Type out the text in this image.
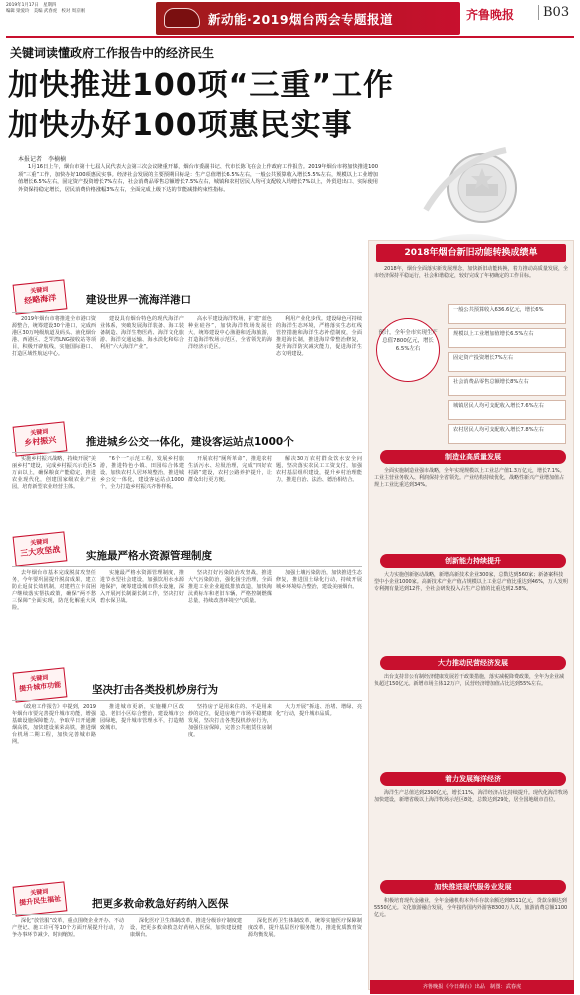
2019年1月17日　星期四
编辑 梁爱玲　美编 武春虎　校对 周京刚
新动能·2019烟台两会专题报道	齐鲁晚报	B03
关键词读懂政府工作报告中的经济民生
加快推进100项“三重”工作
加快办好100项惠民实事
本报记者　李楠楠
1月16日上午，烟台市第十七届人民代表大会第三次会议隆重开幕，烟台市委副书记、代市长陈飞在会上作政府工作报告。2019年烟台市将加快推进100项“三重”工作，加快办好100项惠民实事。经济社会发展的主要预期目标是：生产总值增长6.5%左右，一般公共预算收入增长5.5%左右，规模以上工业增加值增长6.5%左右，固定资产投资增长7%左右，社会消费品零售总额增长7.5%左右，城镇和农村居民人均可支配收入均增长7%以上，外贸进出口、实际使用外资保持稳定增长，居民消费价格涨幅3%左右，全面完成上级下达的节能减排约束性指标。
关键词
经略海洋	建设世界一流海洋港口

2019年烟台市将推进全市港口资源整合，统筹建设30个港口，完成西港区30万吨级航道及码头、液化烟台港、西港区、芝罘湾LNG接收站等项目，积极开辟航线，实施国际港口、打造区域性航运中心。

建设具有烟台特色的现代海洋产业体系，突破发展海洋装备、海工装备制造、海洋生物医药、海洋文化旅游、海洋交通运输、海水淡化和综合利用“六大海洋产业”。

高水平建设海洋牧场，扩建“蓝色种业硅谷”，加快海洋牧场发展壮大，统筹建设中心渔港和近海旅游，打造海洋牧场示范区，全省领先的海洋经济示范区。

利用产业化步伐。建设绿色可持续的海洋生态环境，严格落实生态红线管控措施和海洋生态补偿制度，全面推进海长制，推进海岸带整治修复，提升海洋防灾减灾能力，促进海洋生态文明建设。

关键词
乡村振兴	推进城乡公交一体化，建设客运站点1000个

实施乡村振兴战略，持续开展“美丽乡村”建设，完成乡村振兴示范区5万亩以上，确保粮食产能稳定，推进农业现代化，创建国家级农业产业园，培育新型农业经营主体。

“6个一”示范工程，发展乡村旅游，推进特色小镇、田园综合体建设，加快农村人居环境整治，推进城乡公交一体化，建设客运站点1000个，全力打造乡村振兴齐鲁样板。

开展农村“厕所革命”，推进农村生活污水、垃圾治理，完成“四好农村路”建设，农村公路养护提升，让群众出行更方便。

解决30万农村群众饮水安全问题，坚决落实农民工工资支付，加强农村基层组织建设，提升乡村治理能力，推进自治、法治、德治相结合。

关键词
三大攻坚战	实施最严格水资源管理制度

去年烟台市基本完成脱贫攻坚任务，今年要巩固提升脱贫成果，建立防止返贫长效机制，对建档立卡贫困户继续落实帮扶政策，确保“两不愁三保障”全面实现，防范化解重大风险。

实施最严格水资源管理制度，推进节水型社会建设，加强饮用水水源地保护，统筹建设城市供水设施，深入开展河长制湖长制工作，坚决打好碧水保卫战。

坚决打好污染防治攻坚战，推进大气污染防治，强化扬尘治理，全面推进工业企业超低排放改造，加快淘汰黄标车和老旧车辆，严格控制燃煤总量，持续改善环境空气质量。

加强土壤污染防治，加快推进生态修复，推进国土绿化行动，持续开展城乡环境综合整治，建设美丽烟台。

关键词
提升城市功能	坚决打击各类投机炒房行为

《政府工作报告》中提到，2019年烟台市要完善提升城市功能，增强基础设施保障能力，争取早日开通潍烟高铁，加快建设莱荣高铁，推进烟台机场二期工程，加快完善城市路网。

推进城市更新，实施棚户区改造、老旧小区综合整治，建设城市公园绿地，提升城市管理水平，打造精致城市。

坚持房子是用来住的、不是用来炒的定位，促进房地产市场平稳健康发展，坚决打击各类投机炒房行为，加强住房保障，完善公共租赁住房制度。

大力开展“拆违、治堵、增绿、亮化”行动，提升城市品质。

关键词
提升民生福祉	把更多救命救急好药纳入医保

深化“放管服”改革，重点围绕企业开办、不动产登记、施工许可等10个方面开展提升行动，力争办事环节减少、时间缩短。

深化医疗卫生体制改革，推进分级诊疗制度建设，把更多救命救急好药纳入医保，加快建设健康烟台。

深化医药卫生体制改革，统筹实施医疗保障制度改革，提升基层医疗服务能力，推进优质教育资源均衡发展。

2018年烟台新旧动能转换成绩单
2018年，烟台全面落实新发展理念，加快新旧动能转换，着力推动高质量发展，全市经济保持平稳运行，社会和谐稳定，较好完成了年初确定的工作目标。
预计，全年全市实现生产总值7800亿元，增长6.5%左右
一般公共预算收入636.6亿元，增长6%
规模以上工业增加值增长6.5%左右
固定资产投资增长7%左右
社会消费品零售总额增长8%左右
城镇居民人均可支配收入增长7.6%左右
农村居民人均可支配收入增长7.8%左右
制造业高质量发展
全面实施制造业强市战略，全年实现规模以上工业总产值1.3万亿元，增长7.1%。工业主营业务收入、利润保持全省领先。产业结构持续优化，战略性新兴产业增加值占规上工业比重达到34%。
创新能力持续提升
大力实施创新驱动战略，新增高新技术企业300家，总数达到560家；新备案科技型中小企业1000家。高新技术产业产值占规模以上工业总产值比重达到46%，万人发明专利拥有量达到12件，全社会研发投入占生产总值的比重达到2.58%。
大力推动民营经济发展
出台支持非公有制经济健康发展若干政策措施，落实减税降费政策，全年为企业减负超过150亿元。新增市场主体12万户，民营经济增加值占比达到55%左右。
着力发展海洋经济
海洋生产总值达到2300亿元，增长11%，海洋经济占比持续提升。现代化海洋牧场加快建设，新增省级以上海洋牧场示范区8处，总数达到29处，居全国地级市首位。
加快推进现代服务业发展
积极培育现代金融业，全年金融机构本外币存款余额达到8511亿元，贷款余额达到5550亿元。文化旅游融合发展，全年接待国内外游客8300万人次，旅游消费总额1100亿元。
齐鲁晚报《今日烟台》出品　制图：武春虎
